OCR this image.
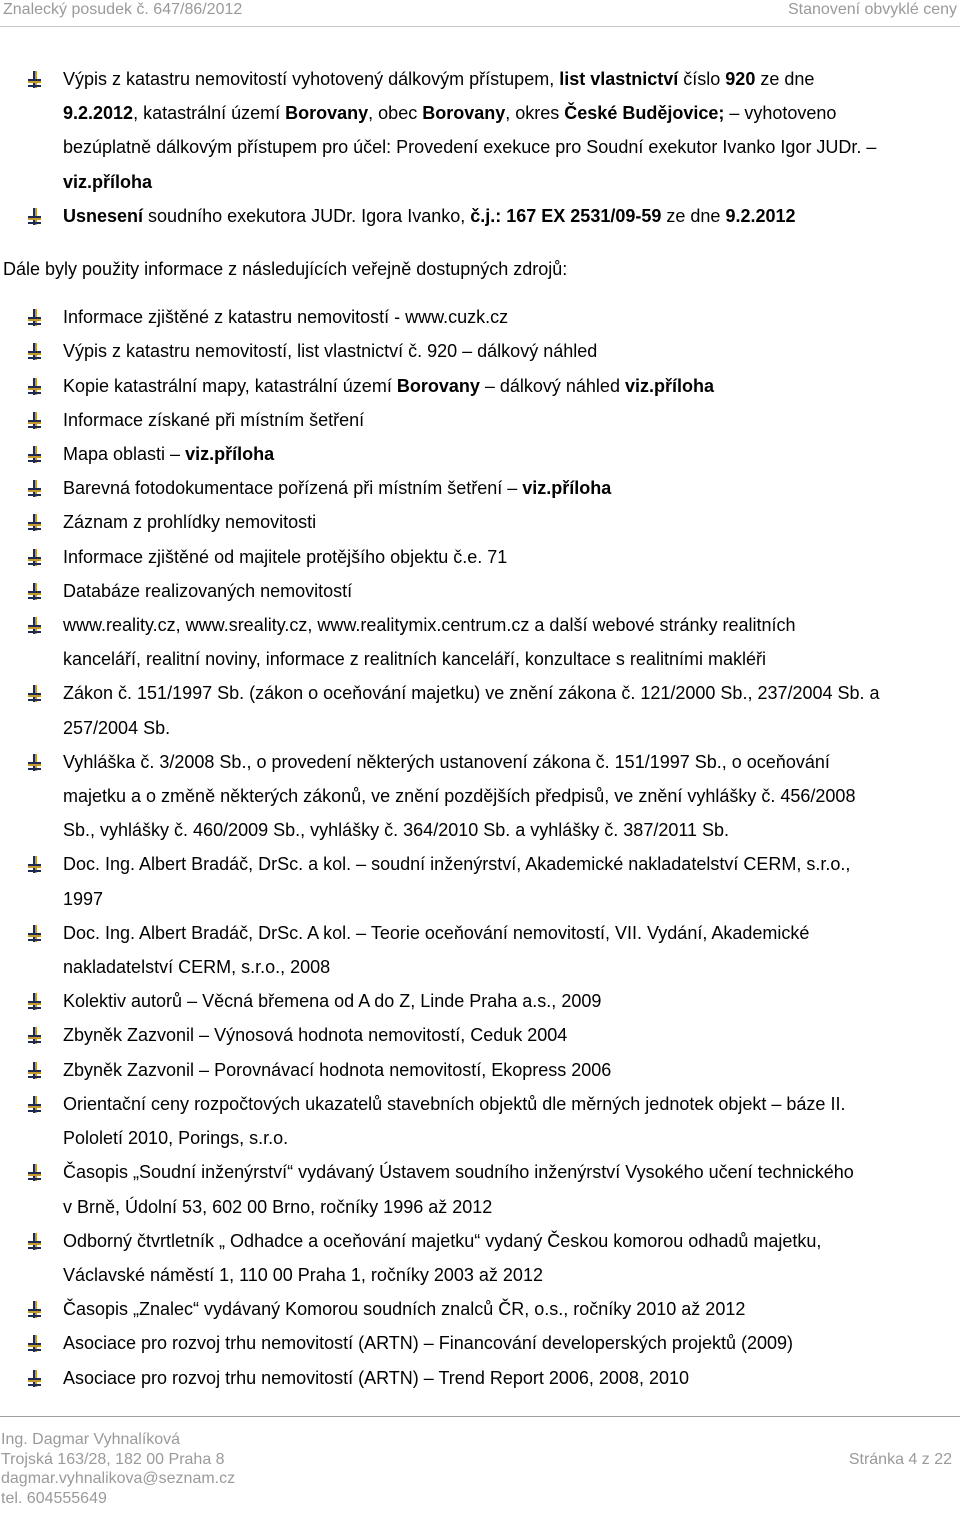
Znalecký posudek č. 647/86/2012	Stanovení obvyklé ceny
Výpis z katastru nemovitostí vyhotovený dálkovým přístupem, list vlastnictví číslo 920 ze dne
9.2.2012, katastrální území Borovany, obec Borovany, okres České Budějovice; – vyhotoveno
bezúplatně dálkovým přístupem pro účel: Provedení exekuce pro Soudní exekutor Ivanko Igor JUDr. –
viz.příloha
Usnesení soudního exekutora JUDr. Igora Ivanko, č.j.: 167 EX 2531/09-59 ze dne 9.2.2012
Dále byly použity informace z následujících veřejně dostupných zdrojů:
Informace zjištěné z katastru nemovitostí - www.cuzk.cz
Výpis z katastru nemovitostí, list vlastnictví č. 920 – dálkový náhled
Kopie katastrální mapy, katastrální území Borovany – dálkový náhled viz.příloha
Informace získané při místním šetření
Mapa oblasti – viz.příloha
Barevná fotodokumentace pořízená při místním šetření – viz.příloha
Záznam z prohlídky nemovitosti
Informace zjištěné od majitele protějšího objektu č.e. 71
Databáze realizovaných nemovitostí
www.reality.cz, www.sreality.cz, www.realitymix.centrum.cz a další webové stránky realitních
kanceláří, realitní noviny, informace z realitních kanceláří, konzultace s realitními makléři
Zákon č. 151/1997 Sb. (zákon o oceňování majetku) ve znění zákona č. 121/2000 Sb., 237/2004 Sb. a
257/2004 Sb.
Vyhláška č. 3/2008 Sb., o provedení některých ustanovení zákona č. 151/1997 Sb., o oceňování
majetku a o změně některých zákonů, ve znění pozdějších předpisů, ve znění vyhlášky č. 456/2008
Sb., vyhlášky č. 460/2009 Sb., vyhlášky č. 364/2010 Sb. a vyhlášky č. 387/2011 Sb.
Doc. Ing. Albert Bradáč, DrSc. a kol. – soudní inženýrství, Akademické nakladatelství CERM, s.r.o.,
1997
Doc. Ing. Albert Bradáč, DrSc. A kol. – Teorie oceňování nemovitostí, VII. Vydání, Akademické
nakladatelství CERM, s.r.o., 2008
Kolektiv autorů – Věcná břemena od A do Z, Linde Praha a.s., 2009
Zbyněk Zazvonil – Výnosová hodnota nemovitostí, Ceduk 2004
Zbyněk Zazvonil – Porovnávací hodnota nemovitostí, Ekopress 2006
Orientační ceny rozpočtových ukazatelů stavebních objektů dle měrných jednotek objekt – báze II.
Pololetí 2010, Porings, s.r.o.
Časopis „Soudní inženýrství“ vydávaný Ústavem soudního inženýrství Vysokého učení technického
v Brně, Údolní 53, 602 00 Brno, ročníky 1996 až 2012
Odborný čtvrtletník „ Odhadce a oceňování majetku“ vydaný Českou komorou odhadů majetku,
Václavské náměstí 1, 110 00 Praha 1, ročníky 2003 až 2012
Časopis „Znalec“ vydávaný Komorou soudních znalců ČR, o.s., ročníky 2010 až 2012
Asociace pro rozvoj trhu nemovitostí (ARTN) – Financování developerských projektů (2009)
Asociace pro rozvoj trhu nemovitostí (ARTN) – Trend Report 2006, 2008, 2010
Ing. Dagmar Vyhnalíková
Trojská 163/28, 182 00 Praha 8
dagmar.vyhnalikova@seznam.cz
tel. 604555649
Stránka 4 z 22
